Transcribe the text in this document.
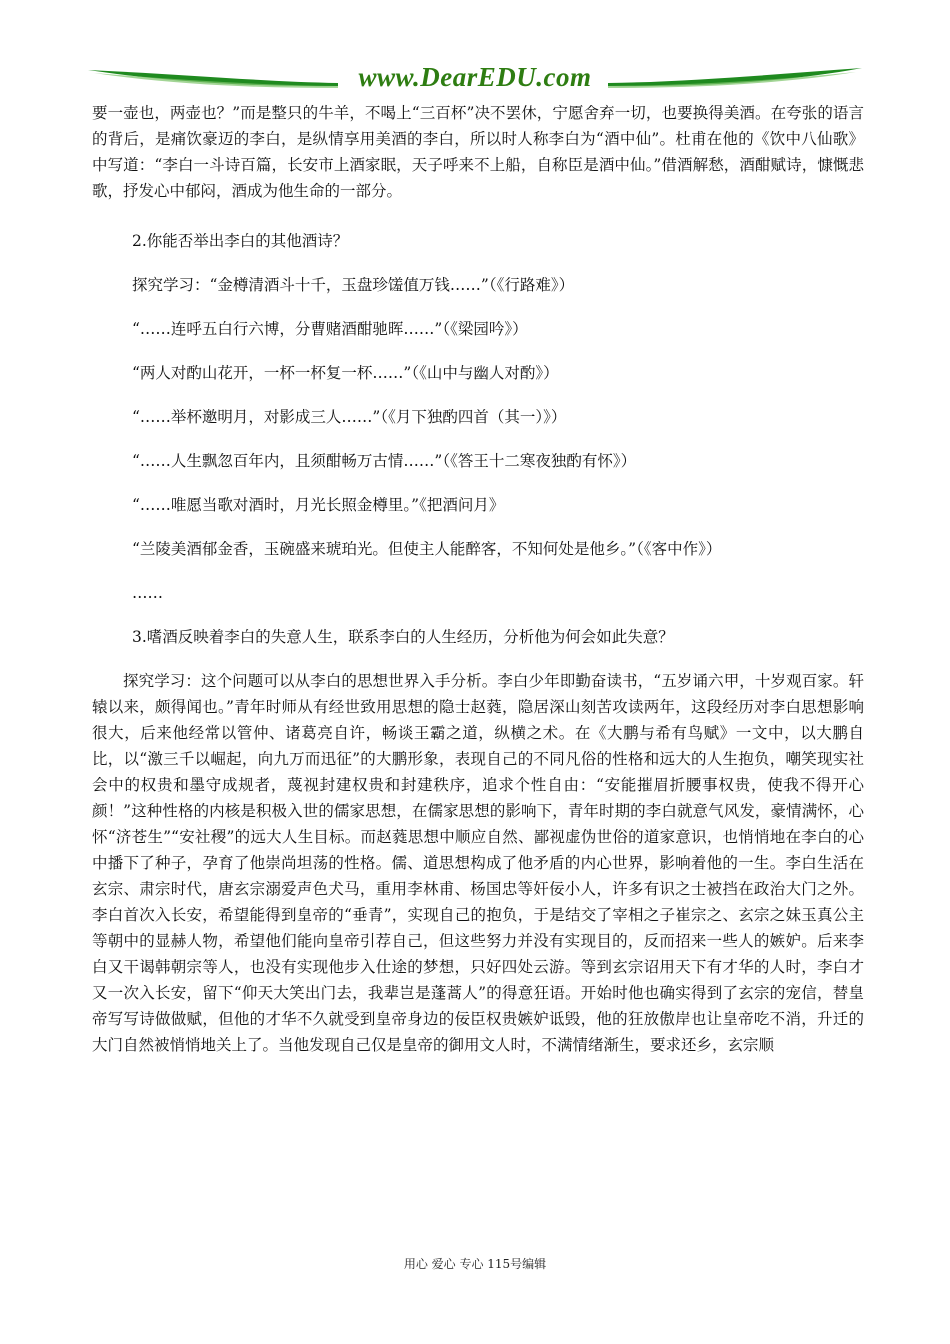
www.DearEDU.com

要一壶也，两壶也？”而是整只的牛羊，不喝上“三百杯”决不罢休，宁愿舍弃一切，也要换得美酒。在夸张的语言的背后，是痛饮豪迈的李白，是纵情享用美酒的李白，所以时人称李白为“酒中仙”。杜甫在他的《饮中八仙歌》中写道：“李白一斗诗百篇，长安市上酒家眠，天子呼来不上船，自称臣是酒中仙。”借酒解愁，酒酣赋诗，慷慨悲歌，抒发心中郁闷，酒成为他生命的一部分。

2.你能否举出李白的其他酒诗？

探究学习：“金樽清酒斗十千，玉盘珍馐值万钱……”（《行路难》）

“……连呼五白行六博，分曹赌酒酣驰晖……”（《梁园吟》）

“两人对酌山花开，一杯一杯复一杯……”（《山中与幽人对酌》）

“……举杯邀明月，对影成三人……”（《月下独酌四首（其一）》）

“……人生飘忽百年内，且须酣畅万古情……”（《答王十二寒夜独酌有怀》）

“……唯愿当歌对酒时，月光长照金樽里。”《把酒问月》

“兰陵美酒郁金香，玉碗盛来琥珀光。但使主人能醉客，不知何处是他乡。”（《客中作》）

……

3.嗜酒反映着李白的失意人生，联系李白的人生经历，分析他为何会如此失意？

探究学习：这个问题可以从李白的思想世界入手分析。李白少年即勤奋读书，“五岁诵六甲，十岁观百家。轩辕以来，颇得闻也。”青年时师从有经世致用思想的隐士赵蕤，隐居深山刻苦攻读两年，这段经历对李白思想影响很大，后来他经常以管仲、诸葛亮自许，畅谈王霸之道，纵横之术。在《大鹏与希有鸟赋》一文中，以大鹏自比，以“激三千以崛起，向九万而迅征”的大鹏形象，表现自己的不同凡俗的性格和远大的人生抱负，嘲笑现实社会中的权贵和墨守成规者，蔑视封建权贵和封建秩序，追求个性自由：“安能摧眉折腰事权贵，使我不得开心颜！”这种性格的内核是积极入世的儒家思想，在儒家思想的影响下，青年时期的李白就意气风发，豪情满怀，心怀“济苍生”“安社稷”的远大人生目标。而赵蕤思想中顺应自然、鄙视虚伪世俗的道家意识，也悄悄地在李白的心中播下了种子，孕育了他崇尚坦荡的性格。儒、道思想构成了他矛盾的内心世界，影响着他的一生。李白生活在玄宗、肃宗时代，唐玄宗溺爱声色犬马，重用李林甫、杨国忠等奸佞小人，许多有识之士被挡在政治大门之外。李白首次入长安，希望能得到皇帝的“垂青”，实现自己的抱负，于是结交了宰相之子崔宗之、玄宗之妹玉真公主等朝中的显赫人物，希望他们能向皇帝引荐自己，但这些努力并没有实现目的，反而招来一些人的嫉妒。后来李白又干谒韩朝宗等人，也没有实现他步入仕途的梦想，只好四处云游。等到玄宗诏用天下有才华的人时，李白才又一次入长安，留下“仰天大笑出门去，我辈岂是蓬蒿人”的得意狂语。开始时他也确实得到了玄宗的宠信，替皇帝写写诗做做赋，但他的才华不久就受到皇帝身边的佞臣权贵嫉妒诋毁，他的狂放傲岸也让皇帝吃不消，升迁的大门自然被悄悄地关上了。当他发现自己仅是皇帝的御用文人时，不满情绪渐生，要求还乡，玄宗顺

用心 爱心 专心 115号编辑
